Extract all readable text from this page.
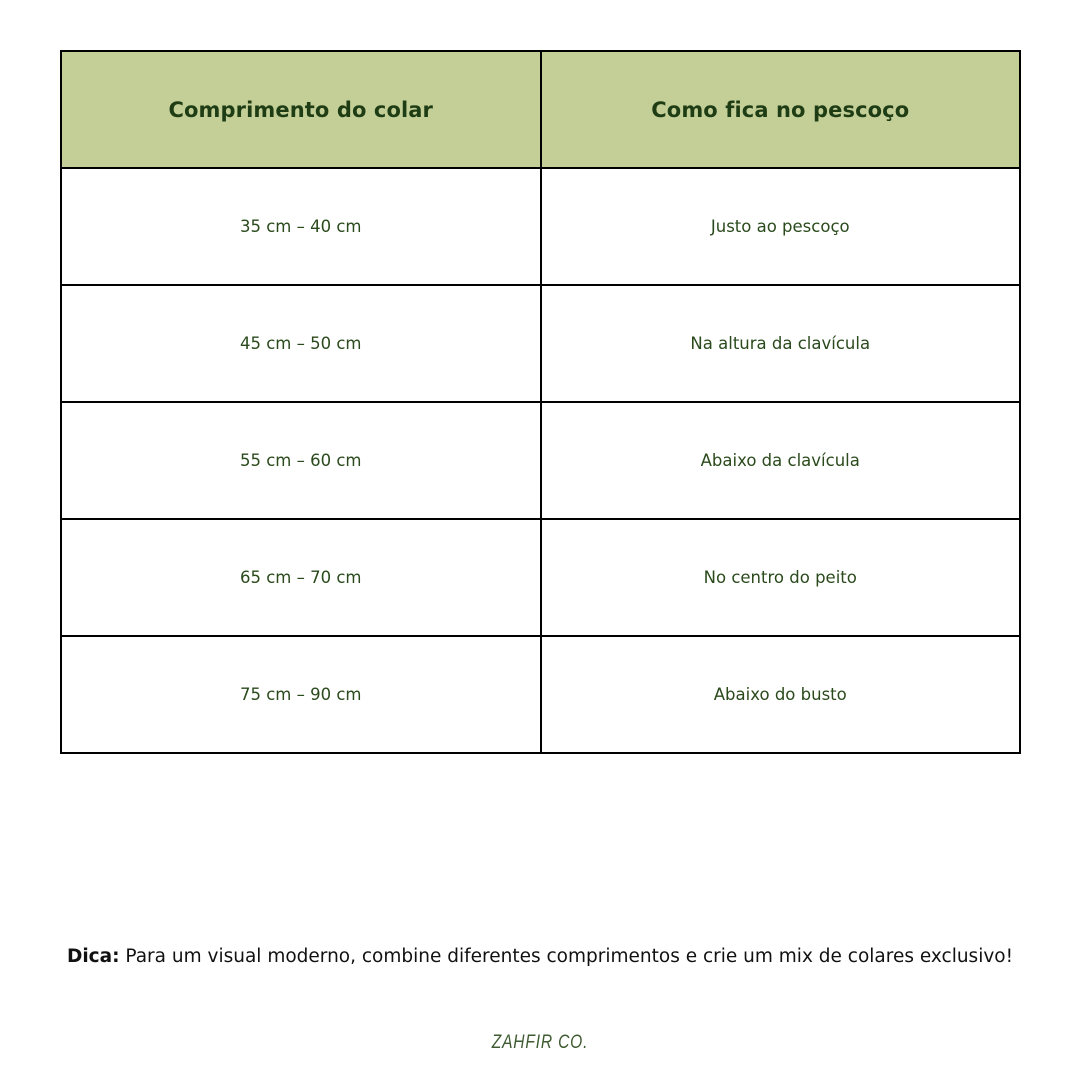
Comprimento do colar	Como fica no pescoço
35 cm – 40 cm	Justo ao pescoço
45 cm – 50 cm	Na altura da clavícula
55 cm – 60 cm	Abaixo da clavícula
65 cm – 70 cm	No centro do peito
75 cm – 90 cm	Abaixo do busto

Dica: Para um visual moderno, combine diferentes comprimentos e crie um mix de colares exclusivo!

ZAHFIR CO.
